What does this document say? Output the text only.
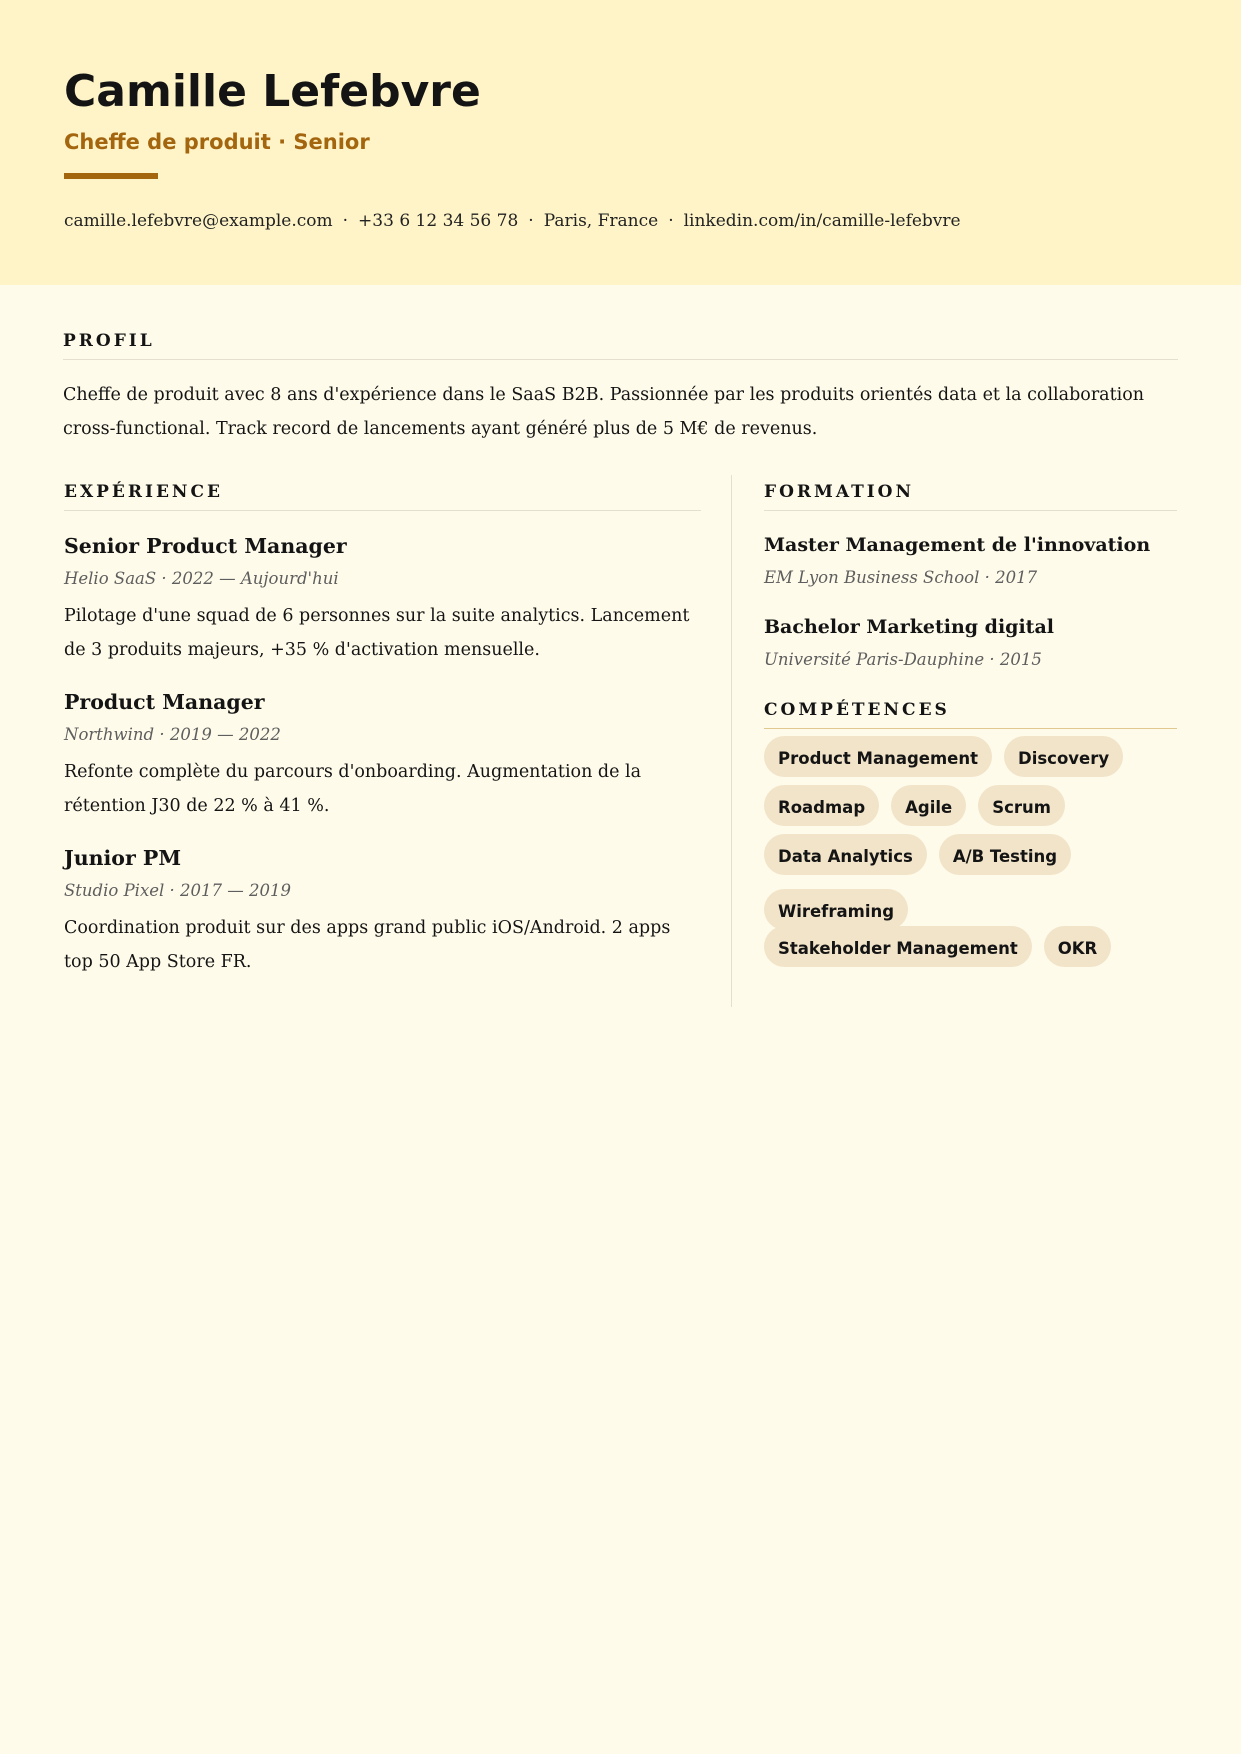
Camille Lefebvre
Cheffe de produit · Senior
camille.lefebvre@example.com · +33 6 12 34 56 78 · Paris, France · linkedin.com/in/camille-lefebvre
PROFIL

Cheffe de produit avec 8 ans d'expérience dans le SaaS B2B. Passionnée par les produits orientés data et la collaboration cross-functional. Track record de lancements ayant généré plus de 5 M€ de revenus.

EXPÉRIENCE
Senior Product Manager

Helio SaaS · 2022 — Aujourd'hui

Pilotage d'une squad de 6 personnes sur la suite analytics. Lancement de 3 produits majeurs, +35 % d'activation mensuelle.

Product Manager

Northwind · 2019 — 2022

Refonte complète du parcours d'onboarding. Augmentation de la rétention J30 de 22 % à 41 %.

Junior PM

Studio Pixel · 2017 — 2019

Coordination produit sur des apps grand public iOS/Android. 2 apps top 50 App Store FR.

FORMATION
Master Management de l'innovation

EM Lyon Business School · 2017

Bachelor Marketing digital

Université Paris-Dauphine · 2015

COMPÉTENCES
Product Management	Discovery
Roadmap	Agile	Scrum
Data Analytics	A/B Testing
Wireframing
Stakeholder Management	OKR
